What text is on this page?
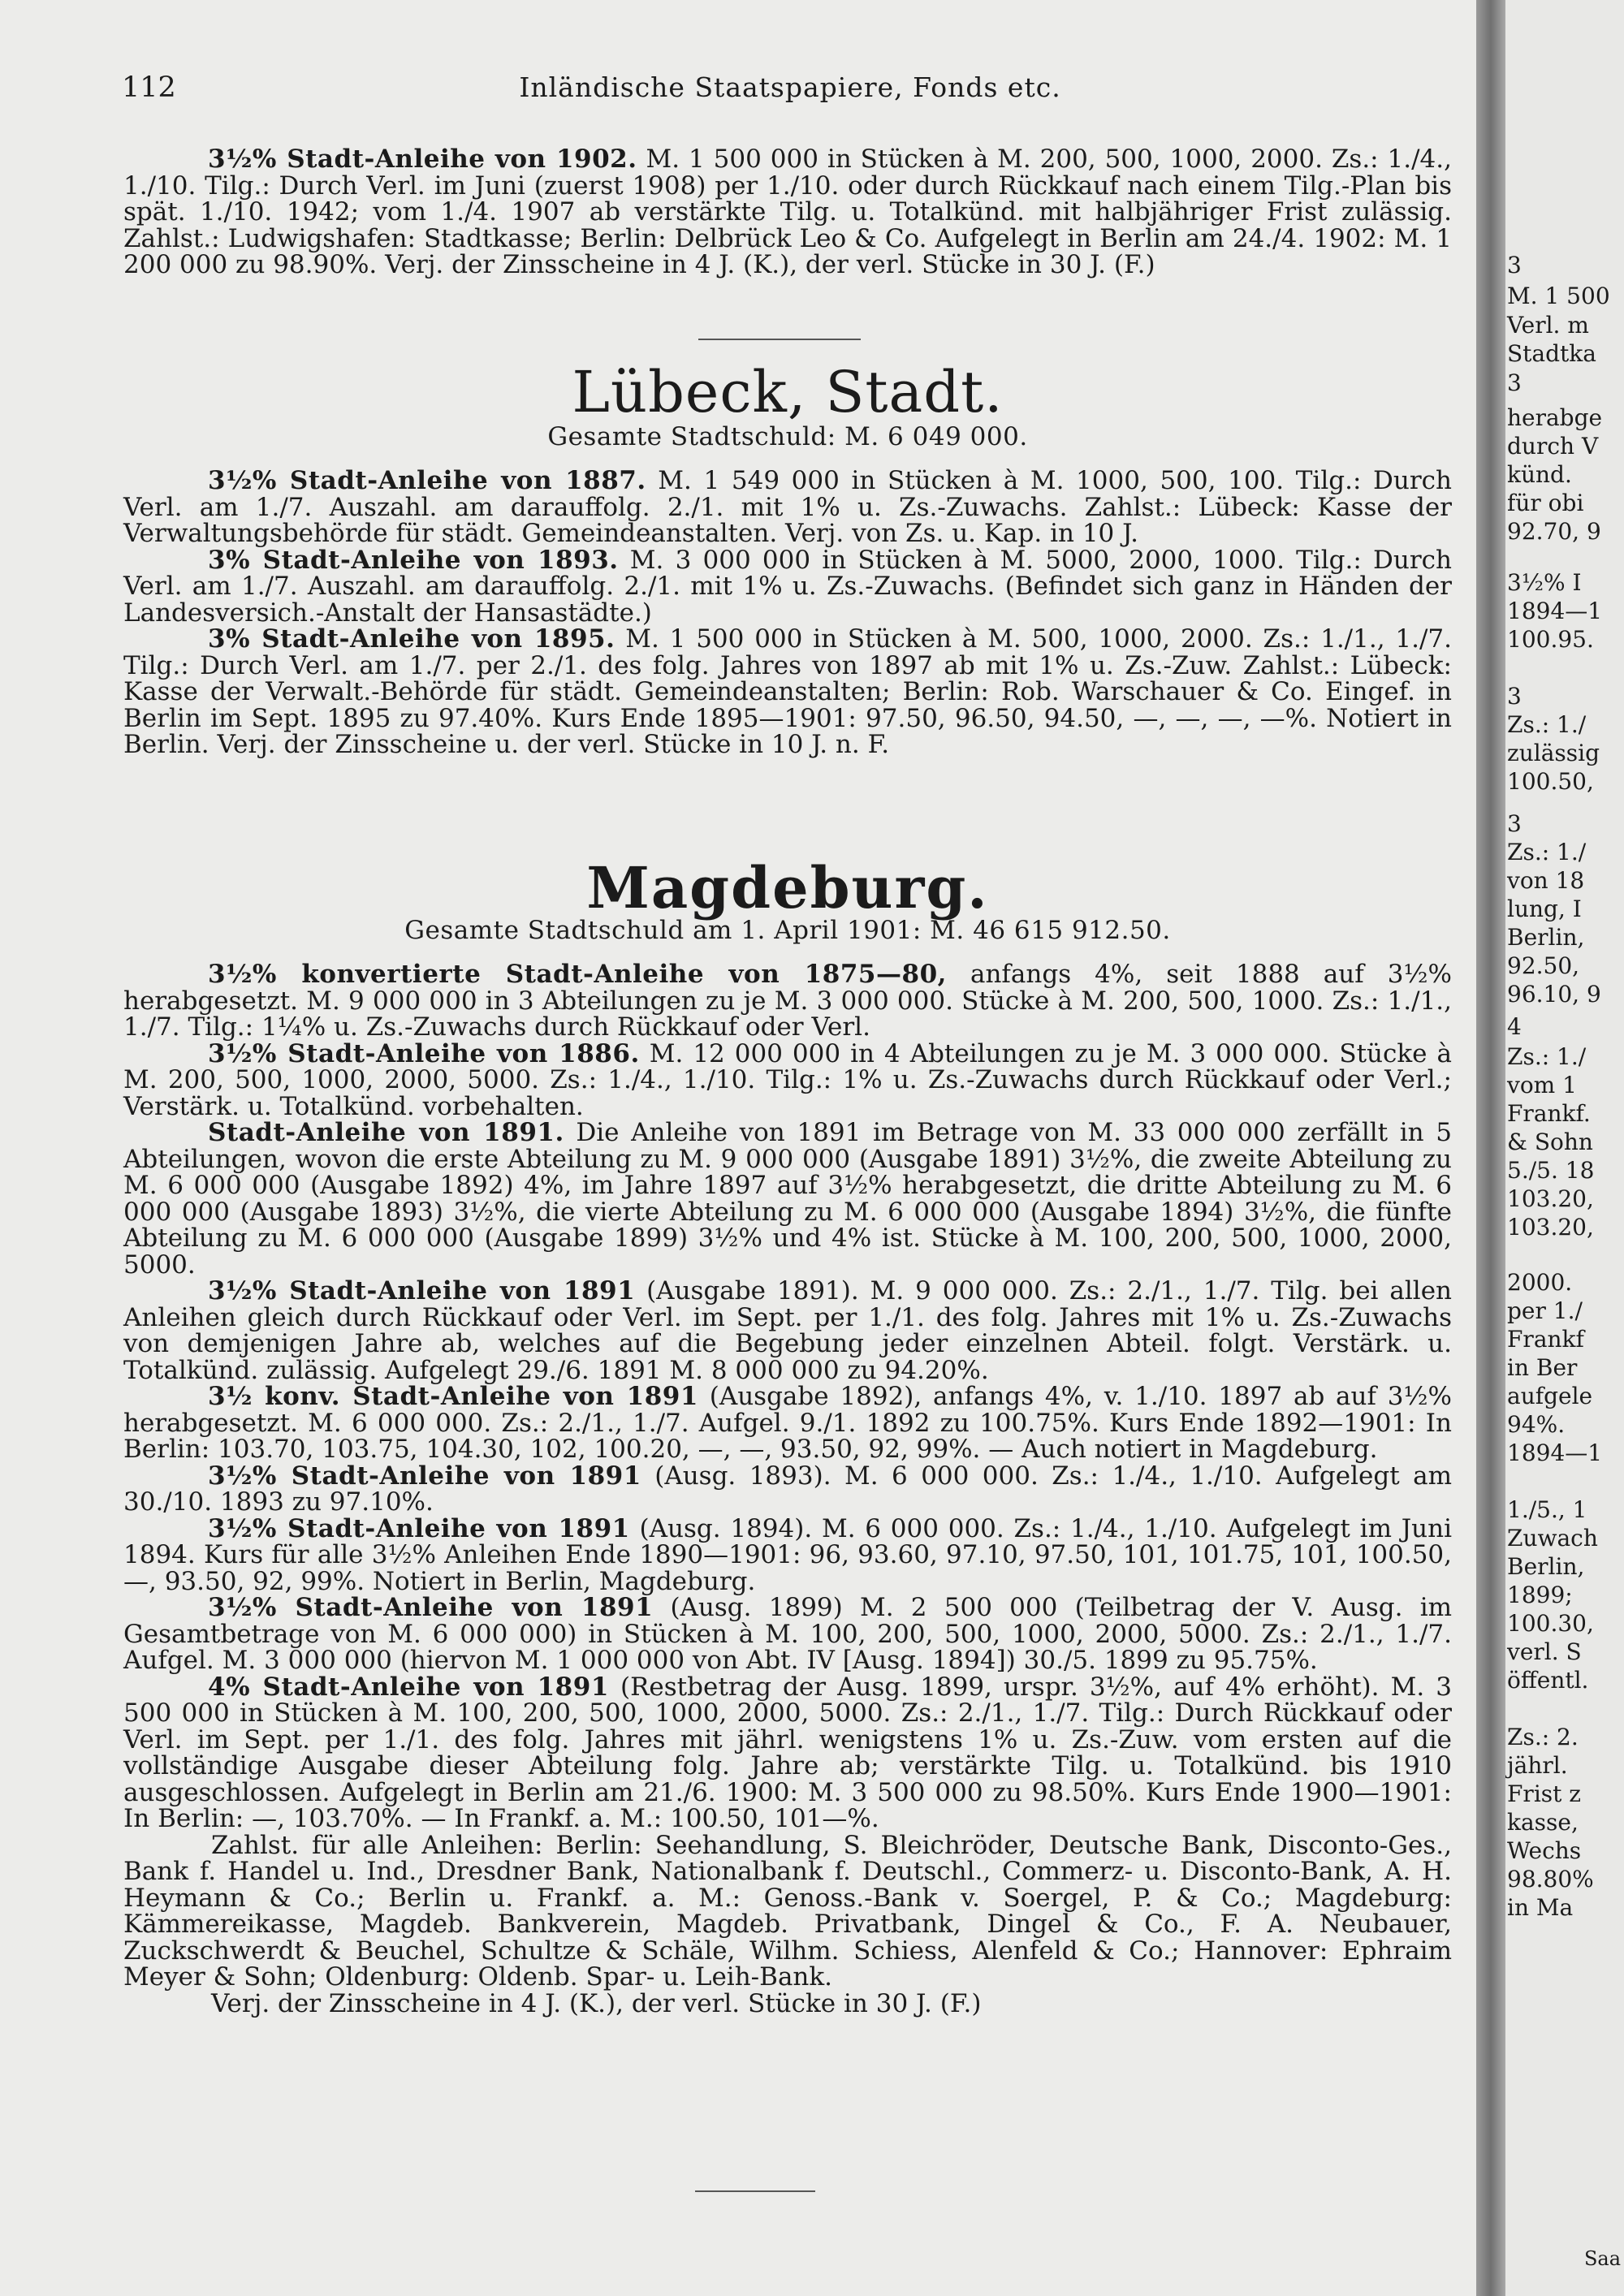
112	Inländische Staatspapiere, Fonds etc.

3½% Stadt-Anleihe von 1902. M. 1 500 000 in Stücken à M. 200, 500, 1000, 2000. Zs.: 1./4., 1./10. Tilg.: Durch Verl. im Juni (zuerst 1908) per 1./10. oder durch Rückkauf nach einem Tilg.-Plan bis spät. 1./10. 1942; vom 1./4. 1907 ab verstärkte Tilg. u. Totalkünd. mit halbjähriger Frist zulässig. Zahlst.: Ludwigshafen: Stadtkasse; Berlin: Delbrück Leo & Co. Aufgelegt in Berlin am 24./4. 1902: M. 1 200 000 zu 98.90%. Verj. der Zinsscheine in 4 J. (K.), der verl. Stücke in 30 J. (F.)

Lübeck, Stadt.
Gesamte Stadtschuld: M. 6 049 000.

3½% Stadt-Anleihe von 1887. M. 1 549 000 in Stücken à M. 1000, 500, 100. Tilg.: Durch Verl. am 1./7. Auszahl. am darauffolg. 2./1. mit 1% u. Zs.-Zuwachs. Zahlst.: Lübeck: Kasse der Verwaltungsbehörde für städt. Gemeindeanstalten. Verj. von Zs. u. Kap. in 10 J.

3% Stadt-Anleihe von 1893. M. 3 000 000 in Stücken à M. 5000, 2000, 1000. Tilg.: Durch Verl. am 1./7. Auszahl. am darauffolg. 2./1. mit 1% u. Zs.-Zuwachs. (Befindet sich ganz in Händen der Landesversich.-Anstalt der Hansastädte.)

3% Stadt-Anleihe von 1895. M. 1 500 000 in Stücken à M. 500, 1000, 2000. Zs.: 1./1., 1./7. Tilg.: Durch Verl. am 1./7. per 2./1. des folg. Jahres von 1897 ab mit 1% u. Zs.-Zuw. Zahlst.: Lübeck: Kasse der Verwalt.-Behörde für städt. Gemeindeanstalten; Berlin: Rob. Warschauer & Co. Eingef. in Berlin im Sept. 1895 zu 97.40%. Kurs Ende 1895—1901: 97.50, 96.50, 94.50, —, —, —, —%. Notiert in Berlin. Verj. der Zinsscheine u. der verl. Stücke in 10 J. n. F.

Magdeburg.
Gesamte Stadtschuld am 1. April 1901: M. 46 615 912.50.

3½% konvertierte Stadt-Anleihe von 1875—80, anfangs 4%, seit 1888 auf 3½% herabgesetzt. M. 9 000 000 in 3 Abteilungen zu je M. 3 000 000. Stücke à M. 200, 500, 1000. Zs.: 1./1., 1./7. Tilg.: 1¼% u. Zs.-Zuwachs durch Rückkauf oder Verl.

3½% Stadt-Anleihe von 1886. M. 12 000 000 in 4 Abteilungen zu je M. 3 000 000. Stücke à M. 200, 500, 1000, 2000, 5000. Zs.: 1./4., 1./10. Tilg.: 1% u. Zs.-Zuwachs durch Rückkauf oder Verl.; Verstärk. u. Totalkünd. vorbehalten.

Stadt-Anleihe von 1891. Die Anleihe von 1891 im Betrage von M. 33 000 000 zerfällt in 5 Abteilungen, wovon die erste Abteilung zu M. 9 000 000 (Ausgabe 1891) 3½%, die zweite Abteilung zu M. 6 000 000 (Ausgabe 1892) 4%, im Jahre 1897 auf 3½% herabgesetzt, die dritte Abteilung zu M. 6 000 000 (Ausgabe 1893) 3½%, die vierte Abteilung zu M. 6 000 000 (Ausgabe 1894) 3½%, die fünfte Abteilung zu M. 6 000 000 (Ausgabe 1899) 3½% und 4% ist. Stücke à M. 100, 200, 500, 1000, 2000, 5000.

3½% Stadt-Anleihe von 1891 (Ausgabe 1891). M. 9 000 000. Zs.: 2./1., 1./7. Tilg. bei allen Anleihen gleich durch Rückkauf oder Verl. im Sept. per 1./1. des folg. Jahres mit 1% u. Zs.-Zuwachs von demjenigen Jahre ab, welches auf die Begebung jeder einzelnen Abteil. folgt. Verstärk. u. Totalkünd. zulässig. Aufgelegt 29./6. 1891 M. 8 000 000 zu 94.20%.

3½ konv. Stadt-Anleihe von 1891 (Ausgabe 1892), anfangs 4%, v. 1./10. 1897 ab auf 3½% herabgesetzt. M. 6 000 000. Zs.: 2./1., 1./7. Aufgel. 9./1. 1892 zu 100.75%. Kurs Ende 1892—1901: In Berlin: 103.70, 103.75, 104.30, 102, 100.20, —, —, 93.50, 92, 99%. — Auch notiert in Magdeburg.

3½% Stadt-Anleihe von 1891 (Ausg. 1893). M. 6 000 000. Zs.: 1./4., 1./10. Aufgelegt am 30./10. 1893 zu 97.10%.

3½% Stadt-Anleihe von 1891 (Ausg. 1894). M. 6 000 000. Zs.: 1./4., 1./10. Aufgelegt im Juni 1894. Kurs für alle 3½% Anleihen Ende 1890—1901: 96, 93.60, 97.10, 97.50, 101, 101.75, 101, 100.50, —, 93.50, 92, 99%. Notiert in Berlin, Magdeburg.

3½% Stadt-Anleihe von 1891 (Ausg. 1899) M. 2 500 000 (Teilbetrag der V. Ausg. im Gesamtbetrage von M. 6 000 000) in Stücken à M. 100, 200, 500, 1000, 2000, 5000. Zs.: 2./1., 1./7. Aufgel. M. 3 000 000 (hiervon M. 1 000 000 von Abt. IV [Ausg. 1894]) 30./5. 1899 zu 95.75%.

4% Stadt-Anleihe von 1891 (Restbetrag der Ausg. 1899, urspr. 3½%, auf 4% erhöht). M. 3 500 000 in Stücken à M. 100, 200, 500, 1000, 2000, 5000. Zs.: 2./1., 1./7. Tilg.: Durch Rückkauf oder Verl. im Sept. per 1./1. des folg. Jahres mit jährl. wenigstens 1% u. Zs.-Zuw. vom ersten auf die vollständige Ausgabe dieser Abteilung folg. Jahre ab; verstärkte Tilg. u. Totalkünd. bis 1910 ausgeschlossen. Aufgelegt in Berlin am 21./6. 1900: M. 3 500 000 zu 98.50%. Kurs Ende 1900—1901: In Berlin: —, 103.70%. — In Frankf. a. M.: 100.50, 101—%.

Zahlst. für alle Anleihen: Berlin: Seehandlung, S. Bleichröder, Deutsche Bank, Disconto-Ges., Bank f. Handel u. Ind., Dresdner Bank, Nationalbank f. Deutschl., Commerz- u. Disconto-Bank, A. H. Heymann & Co.; Berlin u. Frankf. a. M.: Genoss.-Bank v. Soergel, P. & Co.; Magdeburg: Kämmereikasse, Magdeb. Bankverein, Magdeb. Privatbank, Dingel & Co., F. A. Neubauer, Zuckschwerdt & Beuchel, Schultze & Schäle, Wilhm. Schiess, Alenfeld & Co.; Hannover: Ephraim Meyer & Sohn; Oldenburg: Oldenb. Spar- u. Leih-Bank.

Verj. der Zinsscheine in 4 J. (K.), der verl. Stücke in 30 J. (F.)

Saa
3
M. 1 500
Verl. m
Stadtka
3
herabge
durch V
künd.
für obi
92.70, 9
3½% I
1894—1
100.95.
3
Zs.: 1./
zulässig
100.50,
3
Zs.: 1./
von 18
lung, I
Berlin,
92.50,
96.10, 9
4
Zs.: 1./
vom 1
Frankf.
& Sohn
5./5. 18
103.20,
103.20,
2000.
per 1./
Frankf
in Ber
aufgele
94%.
1894—1
1./5., 1
Zuwach
Berlin,
1899;
100.30,
verl. S
öffentl.
Zs.: 2.
jährl.
Frist z
kasse,
Wechs
98.80%
in Ma
